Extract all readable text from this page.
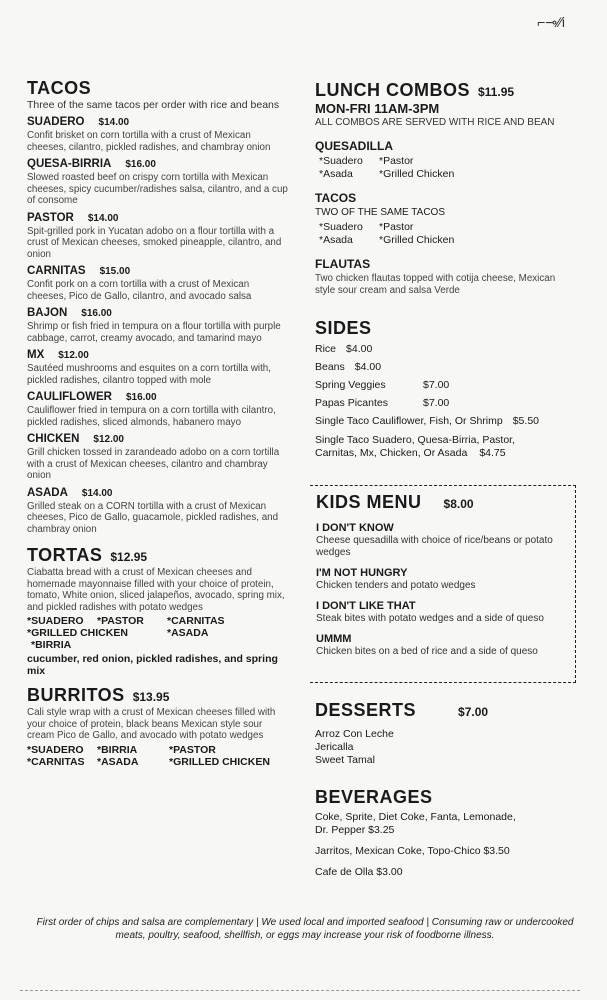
⌐⊸⁄⁄i
TACOS
Three of the same tacos per order with rice and beans
SUADERO $14.00
Confit brisket on corn tortilla with a crust of Mexican cheeses, cilantro, pickled radishes, and chambray onion
QUESA-BIRRIA $16.00
Slowed roasted beef on crispy corn tortilla with Mexican cheeses, spicy cucumber/radishes salsa, cilantro, and a cup of consome
PASTOR $14.00
Spit-grilled pork in Yucatan adobo on a flour tortilla with a crust of Mexican cheeses, smoked pineapple, cilantro, and onion
CARNITAS $15.00
Confit pork on a corn tortilla with a crust of Mexican cheeses, Pico de Gallo, cilantro, and avocado salsa
BAJON $16.00
Shrimp or fish fried in tempura on a flour tortilla with purple cabbage, carrot, creamy avocado, and tamarind mayo
MX $12.00
Sautéed mushrooms and esquites on a corn tortilla with, pickled radishes, cilantro topped with mole
CAULIFLOWER $16.00
Cauliflower fried in tempura on a corn tortilla with cilantro, pickled radishes, sliced almonds, habanero mayo
CHICKEN $12.00
Grill chicken tossed in zarandeado adobo on a corn tortilla with a crust of Mexican cheeses, cilantro and chambray onion
ASADA $14.00
Grilled steak on a CORN tortilla with a crust of Mexican cheeses, Pico de Gallo, guacamole, pickled radishes, and chambray onion
TORTAS $12.95
Ciabatta bread with a crust of Mexican cheeses and homemade mayonnaise filled with your choice of protein, tomato, White onion, sliced jalapeños, avocado, spring mix, and pickled radishes with potato wedges
*SUADERO	*PASTOR	*CARNITAS
*GRILLED CHICKEN	*ASADA
*BIRRIA
cucumber, red onion, pickled radishes, and spring mix
BURRITOS $13.95
Cali style wrap with a crust of Mexican cheeses filled with your choice of protein, black beans Mexican style sour cream Pico de Gallo, and avocado with potato wedges
*SUADERO	*BIRRIA	*PASTOR
*CARNITAS	*ASADA	*GRILLED CHICKEN
LUNCH COMBOS $11.95
MON-FRI 11AM-3PM
ALL COMBOS ARE SERVED WITH RICE AND BEAN
QUESADILLA
*Suadero	*Pastor
*Asada	*Grilled Chicken
TACOS
TWO OF THE SAME TACOS
*Suadero	*Pastor
*Asada	*Grilled Chicken
FLAUTAS
Two chicken flautas topped with cotija cheese, Mexican style sour cream and salsa Verde
SIDES
Rice $4.00
Beans $4.00
Spring Veggies	$7.00
Papas Picantes	$7.00
Single Taco Cauliflower, Fish, Or Shrimp $5.50
Single Taco Suadero, Quesa-Birria, Pastor,
Carnitas, Mx, Chicken, Or Asada $4.75
KIDS MENU $8.00
I DON'T KNOW
Cheese quesadilla with choice of rice/beans or potato wedges
I'M NOT HUNGRY
Chicken tenders and potato wedges
I DON'T LIKE THAT
Steak bites with potato wedges and a side of queso
UMMM
Chicken bites on a bed of rice and a side of queso
DESSERTS	$7.00
Arroz Con Leche
Jericalla
Sweet Tamal
BEVERAGES
Coke, Sprite, Diet Coke, Fanta, Lemonade,
Dr. Pepper $3.25
Jarritos, Mexican Coke, Topo-Chico $3.50
Cafe de Olla $3.00
First order of chips and salsa are complementary | We used local and imported seafood | Consuming raw or undercooked meats, poultry, seafood, shellfish, or eggs may increase your risk of foodborne illness.
